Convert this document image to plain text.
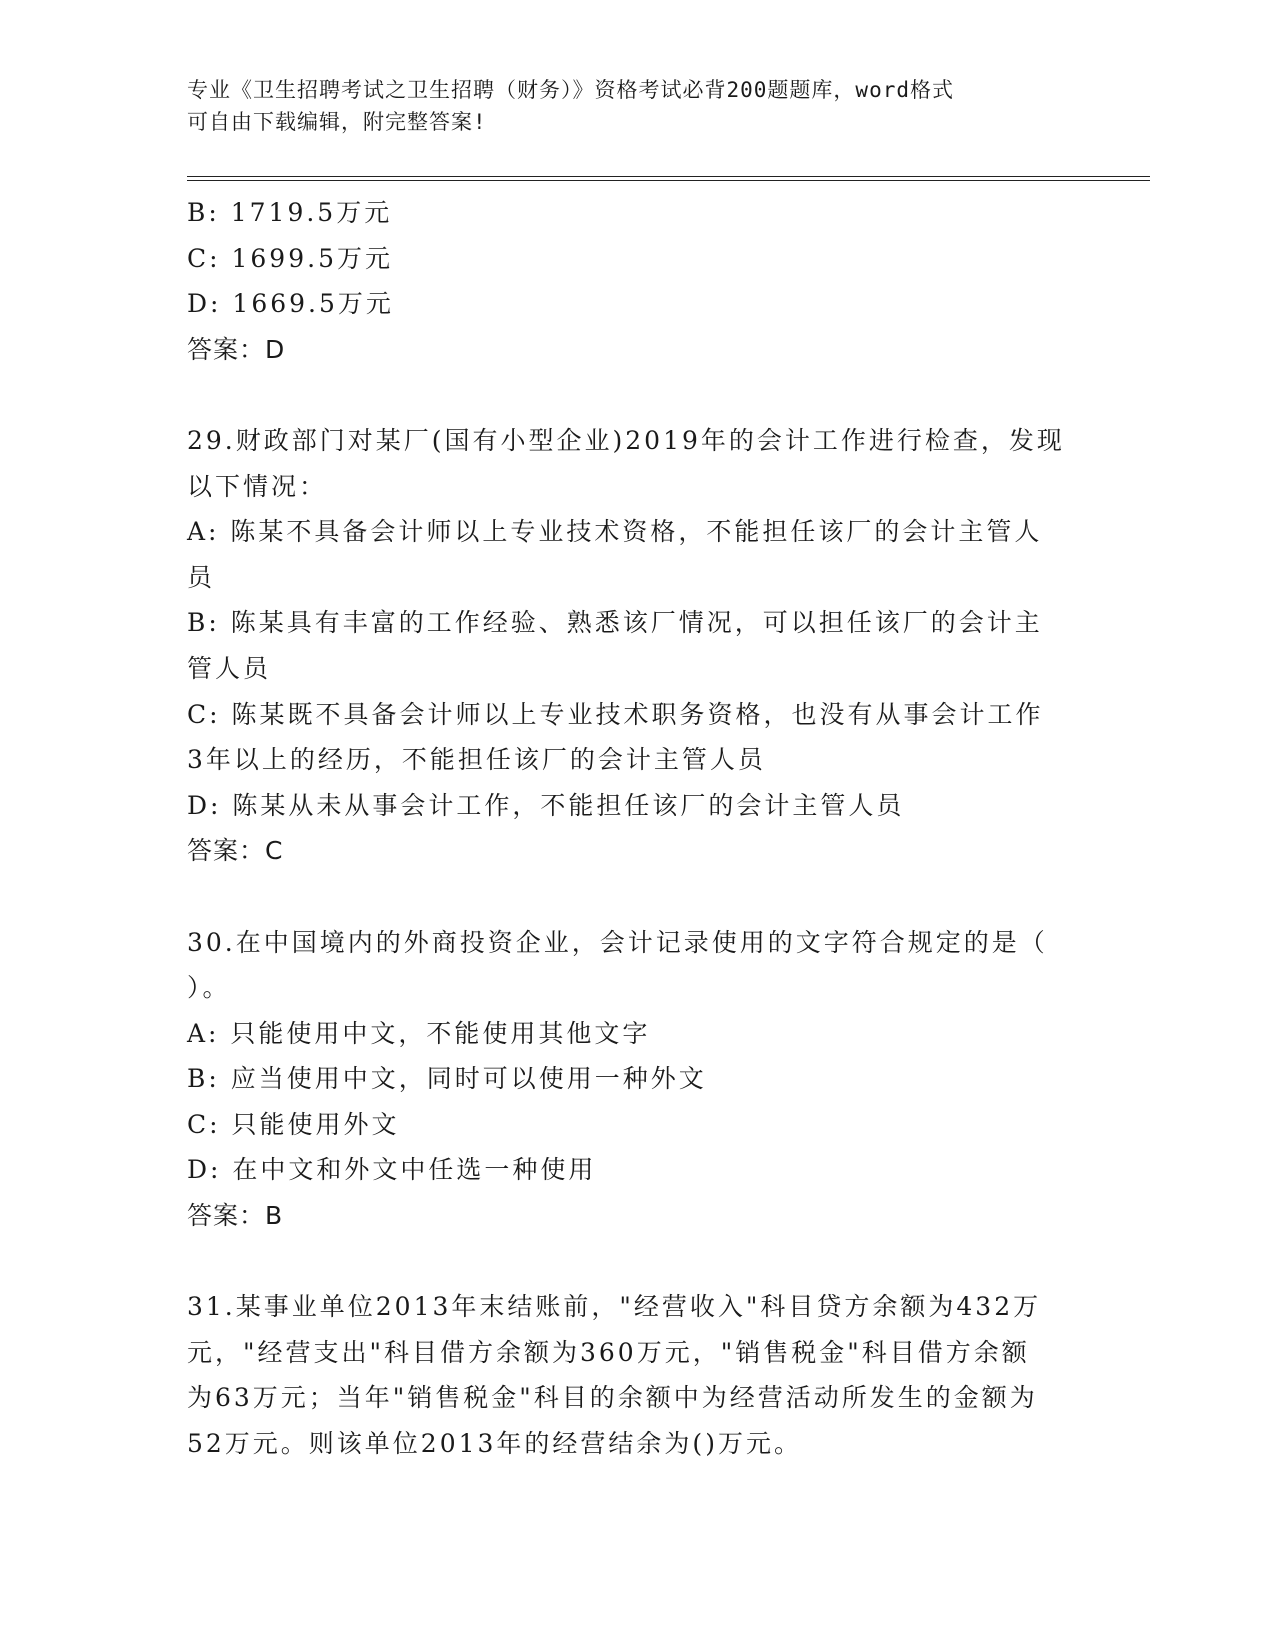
专业《卫生招聘考试之卫生招聘（财务）》资格考试必背200题题库，word格式
可自由下载编辑，附完整答案!
B: 1719.5万元
C: 1699.5万元
D: 1669.5万元
答案：D
29.财政部门对某厂(国有小型企业)2019年的会计工作进行检查，发现
以下情况：
A: 陈某不具备会计师以上专业技术资格，不能担任该厂的会计主管人
员
B: 陈某具有丰富的工作经验、熟悉该厂情况，可以担任该厂的会计主
管人员
C: 陈某既不具备会计师以上专业技术职务资格，也没有从事会计工作
3年以上的经历，不能担任该厂的会计主管人员
D: 陈某从未从事会计工作，不能担任该厂的会计主管人员
答案：C
30.在中国境内的外商投资企业，会计记录使用的文字符合规定的是（
）。
A: 只能使用中文，不能使用其他文字
B: 应当使用中文，同时可以使用一种外文
C: 只能使用外文
D: 在中文和外文中任选一种使用
答案：B
31.某事业单位2013年末结账前，"经营收入"科目贷方余额为432万
元，"经营支出"科目借方余额为360万元，"销售税金"科目借方余额
为63万元；当年"销售税金"科目的余额中为经营活动所发生的金额为
52万元。则该单位2013年的经营结余为()万元。
